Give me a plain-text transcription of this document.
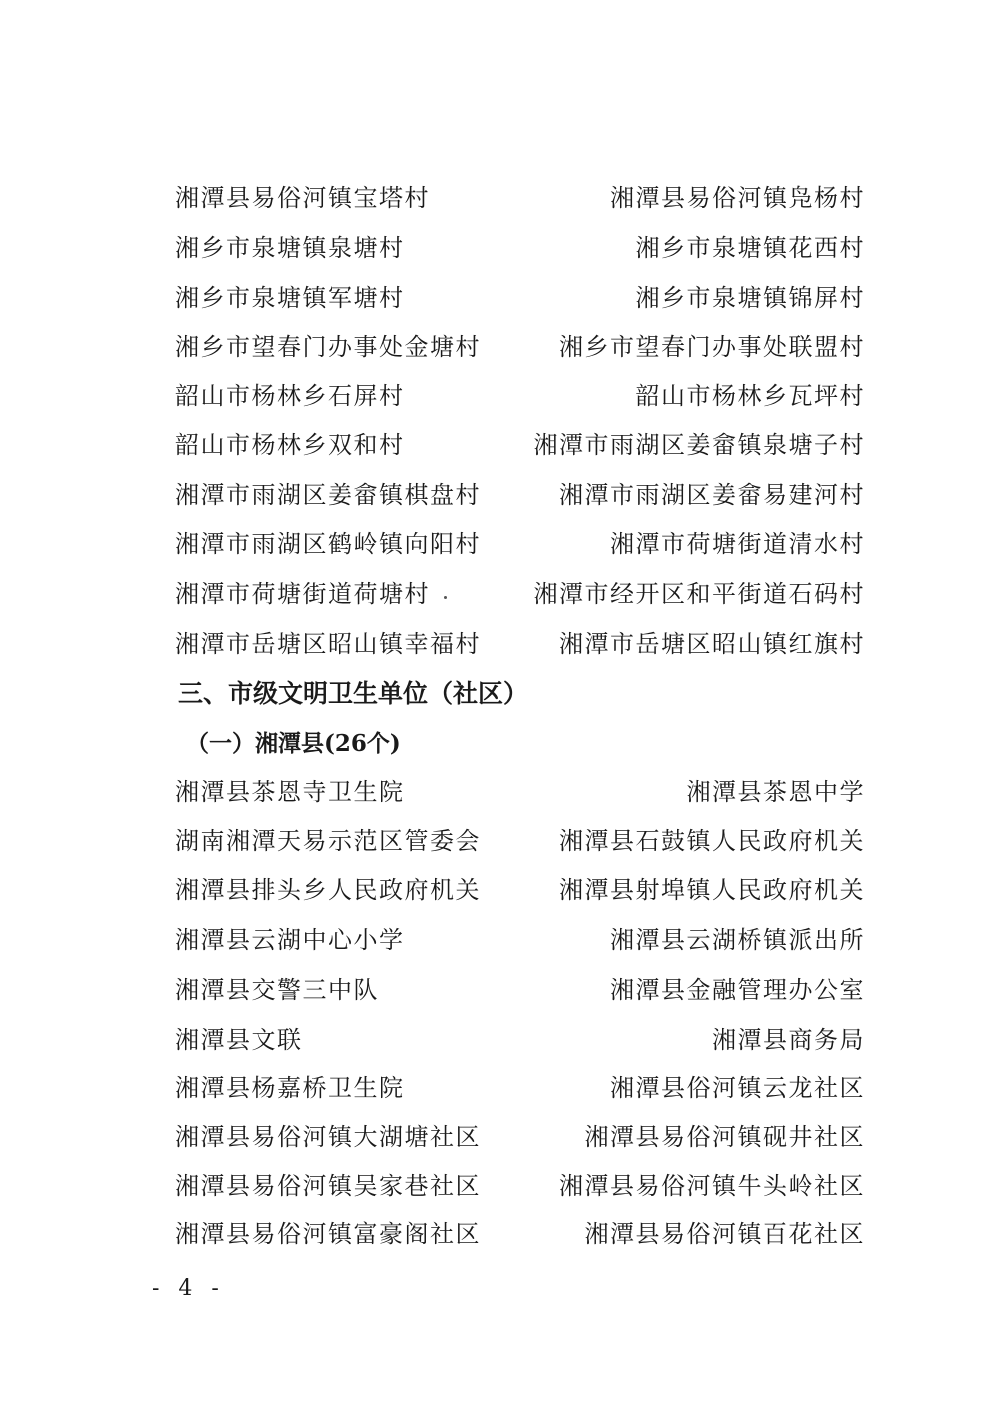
湘潭县易俗河镇宝塔村	湘潭县易俗河镇凫杨村
湘乡市泉塘镇泉塘村	湘乡市泉塘镇花西村
湘乡市泉塘镇军塘村	湘乡市泉塘镇锦屏村
湘乡市望春门办事处金塘村	湘乡市望春门办事处联盟村
韶山市杨林乡石屏村	韶山市杨林乡瓦坪村
韶山市杨林乡双和村	湘潭市雨湖区姜畲镇泉塘子村
湘潭市雨湖区姜畲镇棋盘村	湘潭市雨湖区姜畲易建河村
湘潭市雨湖区鹤岭镇向阳村	湘潭市荷塘街道清水村
湘潭市荷塘街道荷塘村	湘潭市经开区和平街道石码村
湘潭市岳塘区昭山镇幸福村	湘潭市岳塘区昭山镇红旗村
三、市级文明卫生单位（社区）
（一）湘潭县(26个)
湘潭县茶恩寺卫生院	湘潭县茶恩中学
湖南湘潭天易示范区管委会	湘潭县石鼓镇人民政府机关
湘潭县排头乡人民政府机关	湘潭县射埠镇人民政府机关
湘潭县云湖中心小学	湘潭县云湖桥镇派出所
湘潭县交警三中队	湘潭县金融管理办公室
湘潭县文联	湘潭县商务局
湘潭县杨嘉桥卫生院	湘潭县俗河镇云龙社区
湘潭县易俗河镇大湖塘社区	湘潭县易俗河镇砚井社区
湘潭县易俗河镇吴家巷社区	湘潭县易俗河镇牛头岭社区
湘潭县易俗河镇富豪阁社区	湘潭县易俗河镇百花社区
- 4 -
